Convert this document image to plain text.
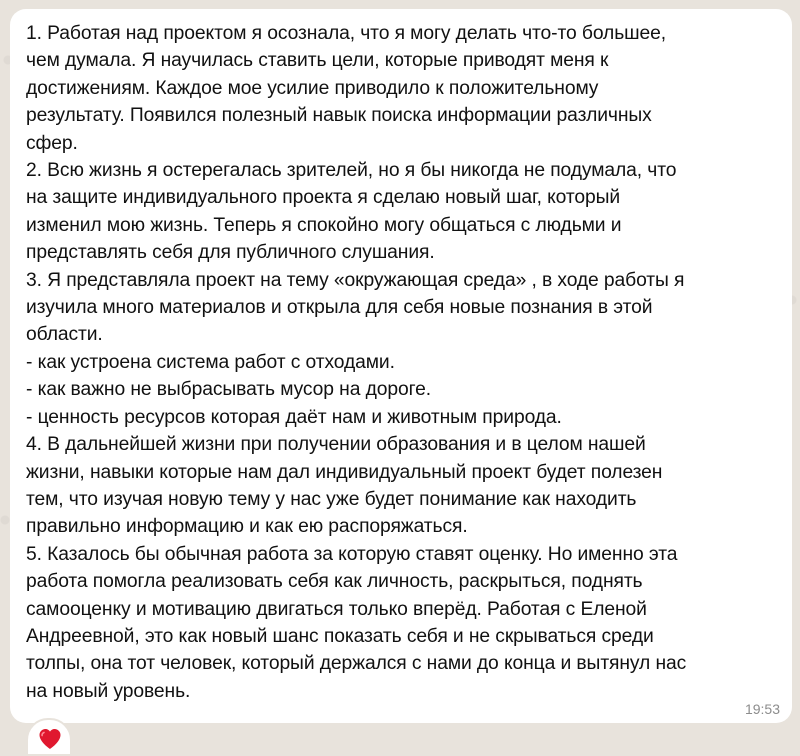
1. Работая над проектом я осознала, что я могу делать что-то большее,
чем думала. Я научилась ставить цели, которые приводят меня к
достижениям. Каждое мое усилие приводило к положительному
результату. Появился полезный навык поиска информации различных
сфер.
2. Всю жизнь я остерегалась зрителей, но я бы никогда не подумала, что
на защите индивидуального проекта я сделаю новый шаг, который
изменил мою жизнь. Теперь я спокойно могу общаться с людьми и
представлять себя для публичного слушания.
3. Я представляла проект на тему «окружающая среда» , в ходе работы я
изучила много материалов и открыла для себя новые познания в этой
области.
- как устроена система работ с отходами.
- как важно не выбрасывать мусор на дороге.
- ценность ресурсов которая даёт нам и животным природа.
4. В дальнейшей жизни при получении образования и в целом нашей
жизни, навыки которые нам дал индивидуальный проект будет полезен
тем, что изучая новую тему у нас уже будет понимание как находить
правильно информацию и как ею распоряжаться.
5. Казалось бы обычная работа за которую ставят оценку. Но именно эта
работа помогла реализовать себя как личность, раскрыться, поднять
самооценку и мотивацию двигаться только вперёд. Работая с Еленой
Андреевной, это как новый шанс показать себя и не скрываться среди
толпы, она тот человек, который держался с нами до конца и вытянул нас
на новый уровень.

19:53
